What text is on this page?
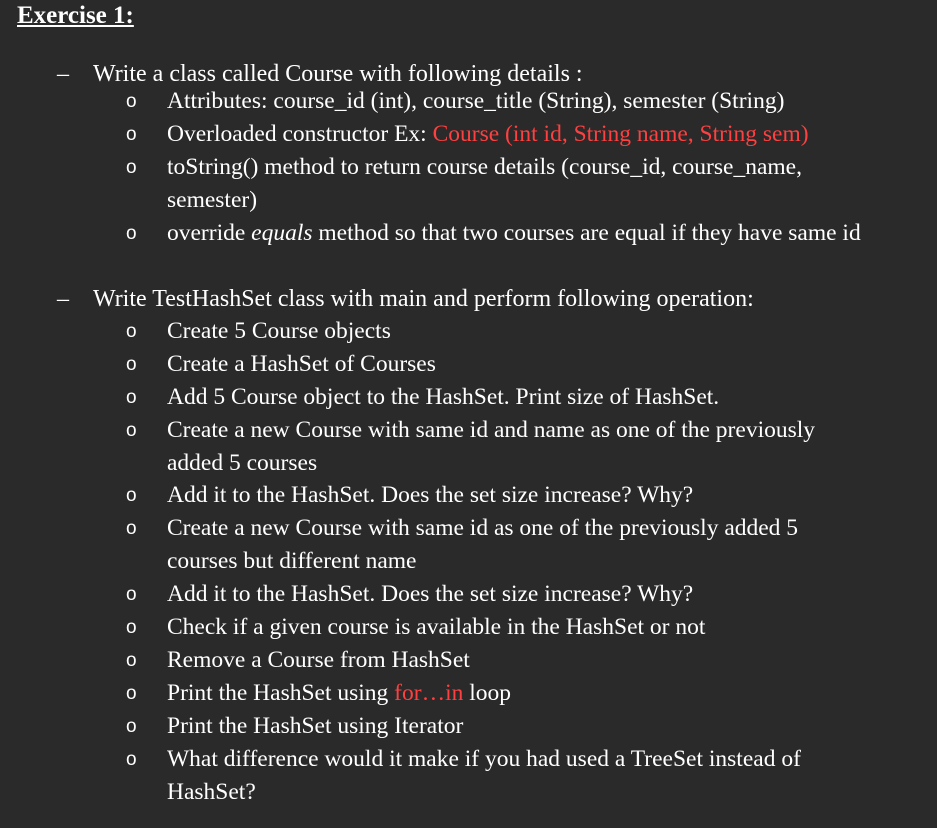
Exercise 1:
– Write a class called Course with following details :
o Attributes: course_id (int), course_title (String), semester (String)
o Overloaded constructor Ex: Course (int id, String name, String sem)
o toString() method to return course details (course_id, course_name, semester)
o override equals method so that two courses are equal if they have same id
– Write TestHashSet class with main and perform following operation:
o Create 5 Course objects
o Create a HashSet of Courses
o Add 5 Course object to the HashSet. Print size of HashSet.
o Create a new Course with same id and name as one of the previously added 5 courses
o Add it to the HashSet. Does the set size increase? Why?
o Create a new Course with same id as one of the previously added 5 courses but different name
o Add it to the HashSet. Does the set size increase? Why?
o Check if a given course is available in the HashSet or not
o Remove a Course from HashSet
o Print the HashSet using for…in loop
o Print the HashSet using Iterator
o What difference would it make if you had used a TreeSet instead of HashSet?
